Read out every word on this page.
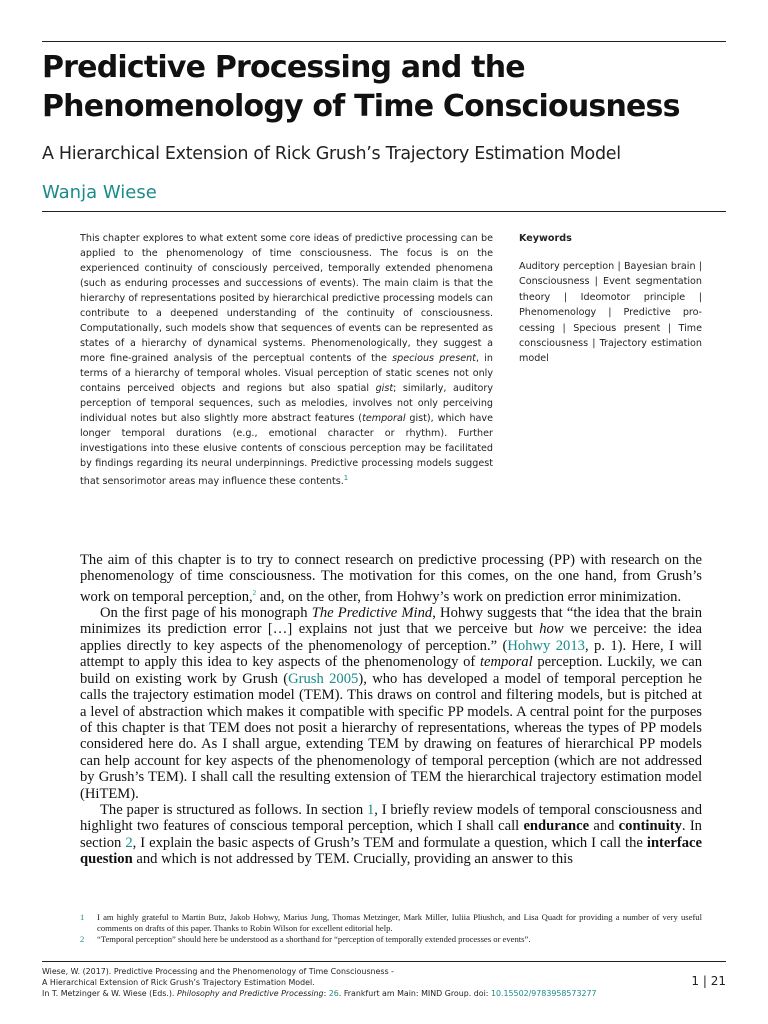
Predictive Processing and the Phenomenology of Time Consciousness

A Hierarchical Extension of Rick Grush’s Trajectory Estimation Model

Wanja Wiese

This chapter explores to what extent some core ideas of predictive processing can be applied to the phenomenology of time consciousness. The focus is on the experienced continuity of consciously perceived, temporally extended phenomena (such as enduring processes and successions of events). The main claim is that the hierarchy of representations posited by hierarchical predictive processing models can contribute to a deepened understanding of the continuity of consciousness. Computationally, such models show that sequences of events can be represented as states of a hierarchy of dynamical systems. Phenomenologically, they suggest a more fine-grained analysis of the perceptual contents of the specious present, in terms of a hierarchy of temporal wholes. Visual perception of static scenes not only contains perceived objects and regions but also spatial gist; similarly, auditory perception of temporal sequences, such as melodies, involves not only perceiving individual notes but also slightly more abstract features (temporal gist), which have longer temporal durations (e.g., emotional character or rhythm). Further investigations into these elusive contents of conscious perception may be facilitated by findings regarding its neural underpinnings. Predictive processing models suggest that sensorimotor areas may influence these contents.$^1$

Keywords

Auditory perception | Bayesian brain | Consciousness | Event segmentation theory | Ideomotor principle | Phenomenology | Predictive processing | Specious present | Time consciousness | Trajectory estimation model

The aim of this chapter is to try to connect research on predictive processing (PP) with research on the phenomenology of time consciousness. The motivation for this comes, on the one hand, from Grush’s work on temporal perception,$^2$ and, on the other, from Hohwy’s work on prediction error minimization.

On the first page of his monograph The Predictive Mind, Hohwy suggests that “the idea that the brain minimizes its prediction error […] explains not just that we perceive but how we perceive: the idea applies directly to key aspects of the phenomenology of perception.” (Hohwy 2013, p. 1). Here, I will attempt to apply this idea to key aspects of the phenomenology of temporal perception. Luckily, we can build on existing work by Grush (Grush 2005), who has developed a model of temporal perception he calls the trajectory estimation model (TEM). This draws on control and filtering models, but is pitched at a level of abstraction which makes it compatible with specific PP models. A central point for the purposes of this chapter is that TEM does not posit a hierarchy of representations, whereas the types of PP models considered here do. As I shall argue, extending TEM by drawing on features of hierarchical PP models can help account for key aspects of the phenomenology of temporal perception (which are not addressed by Grush’s TEM). I shall call the resulting extension of TEM the hierarchical trajectory estimation model (HiTEM).

The paper is structured as follows. In section 1, I briefly review models of temporal consciousness and highlight two features of conscious temporal perception, which I shall call endurance and continuity. In section 2, I explain the basic aspects of Grush’s TEM and formulate a question, which I call the interface question and which is not addressed by TEM. Crucially, providing an answer to this

1	I am highly grateful to Martin Butz, Jakob Hohwy, Marius Jung, Thomas Metzinger, Mark Miller, Iuliia Pliushch, and Lisa Quadt for providing a number of very useful comments on drafts of this paper. Thanks to Robin Wilson for excellent editorial help.

2	“Temporal perception” should here be understood as a shorthand for “perception of temporally extended processes or events”.

Wiese, W. (2017). Predictive Processing and the Phenomenology of Time Consciousness -

A Hierarchical Extension of Rick Grush’s Trajectory Estimation Model.

In T. Metzinger & W. Wiese (Eds.). Philosophy and Predictive Processing: 26. Frankfurt am Main: MIND Group. doi: 10.15502/9783958573277

1 | 21
